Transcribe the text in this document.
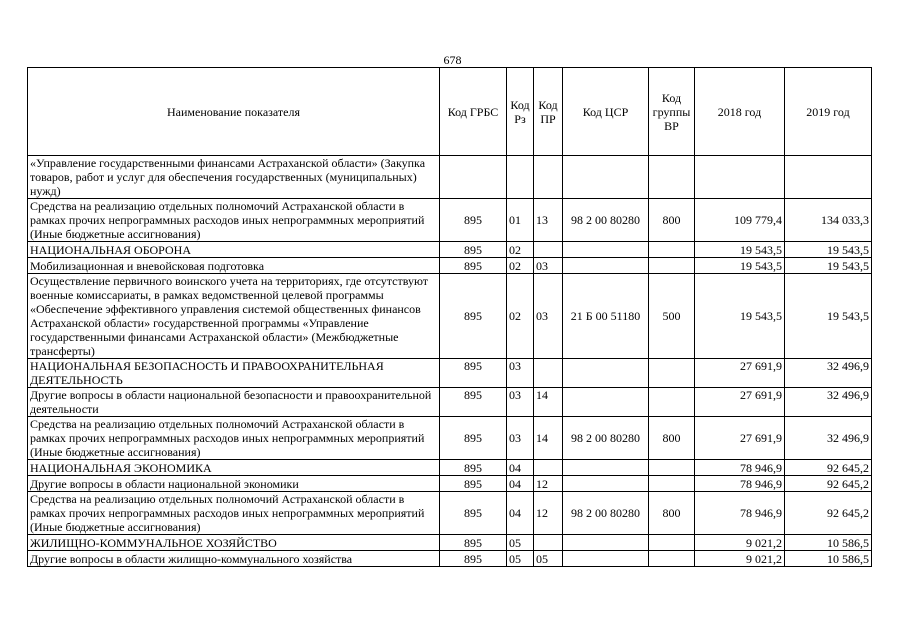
678
Наименование показателя	Код ГРБС	Код Рз	Код ПР	Код ЦСР	Код группы ВР	2018 год	2019 год
«Управление государственными финансами Астраханской области» (Закупка товаров, работ и услуг для обеспечения государственных (муниципальных) нужд)							
Средства на реализацию отдельных полномочий Астраханской области в рамках прочих непрограммных расходов иных непрограммных мероприятий (Иные бюджетные ассигнования)	895	01	13	98 2 00 80280	800	109 779,4	134 033,3
НАЦИОНАЛЬНАЯ ОБОРОНА	895	02				19 543,5	19 543,5
Мобилизационная и вневойсковая подготовка	895	02	03			19 543,5	19 543,5
Осуществление первичного воинского учета на территориях, где отсутствуют военные комиссариаты, в рамках ведомственной целевой программы «Обеспечение эффективного управления системой общественных финансов Астраханской области» государственной программы «Управление государственными финансами Астраханской области» (Межбюджетные трансферты)	895	02	03	21 Б 00 51180	500	19 543,5	19 543,5
НАЦИОНАЛЬНАЯ БЕЗОПАСНОСТЬ И ПРАВООХРАНИТЕЛЬНАЯ ДЕЯТЕЛЬНОСТЬ	895	03				27 691,9	32 496,9
Другие вопросы в области национальной безопасности и правоохранительной деятельности	895	03	14			27 691,9	32 496,9
Средства на реализацию отдельных полномочий Астраханской области в рамках прочих непрограммных расходов иных непрограммных мероприятий (Иные бюджетные ассигнования)	895	03	14	98 2 00 80280	800	27 691,9	32 496,9
НАЦИОНАЛЬНАЯ ЭКОНОМИКА	895	04				78 946,9	92 645,2
Другие вопросы в области национальной экономики	895	04	12			78 946,9	92 645,2
Средства на реализацию отдельных полномочий Астраханской области в рамках прочих непрограммных расходов иных непрограммных мероприятий (Иные бюджетные ассигнования)	895	04	12	98 2 00 80280	800	78 946,9	92 645,2
ЖИЛИЩНО-КОММУНАЛЬНОЕ ХОЗЯЙСТВО	895	05				9 021,2	10 586,5
Другие вопросы в области жилищно-коммунального хозяйства	895	05	05			9 021,2	10 586,5
